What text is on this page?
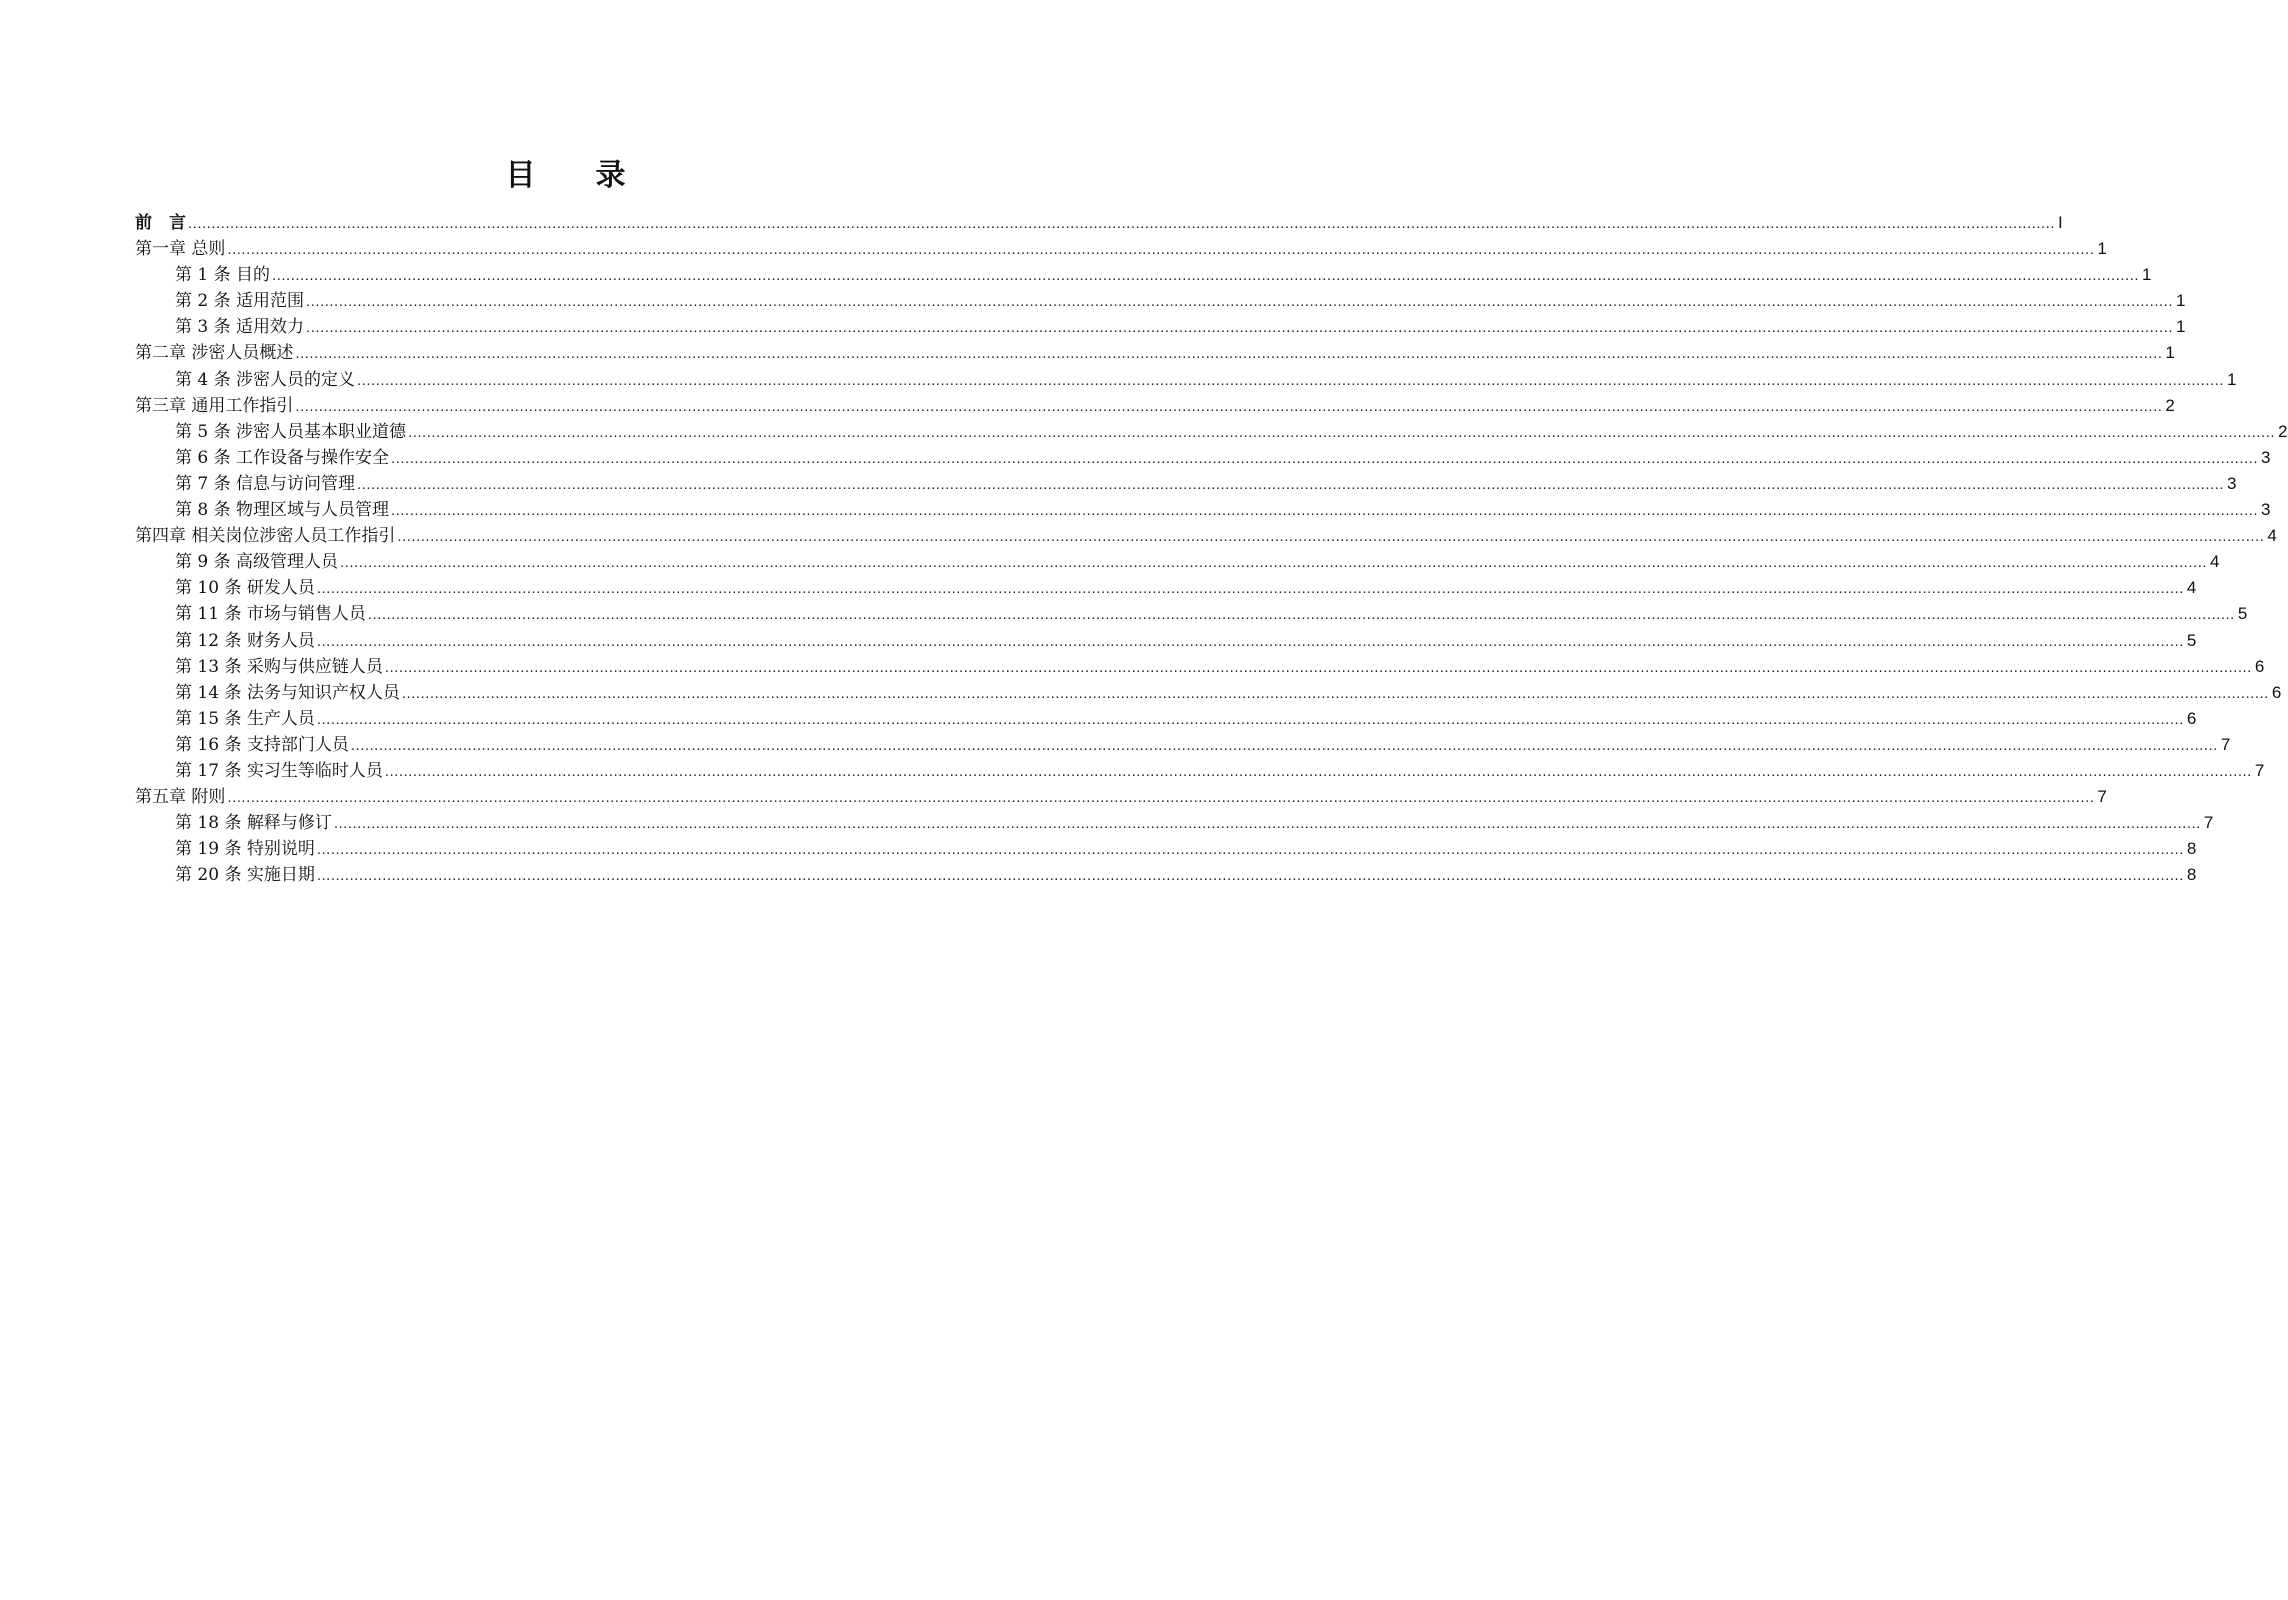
目　　录
前　言 ................................................................................................................................................................................................................................................................................................................................................................................................................ I
第一章 总则 ................................................................................................................................................................................................................................................................................................................................................................................................................ 1
第 1 条 目的 ................................................................................................................................................................................................................................................................................................................................................................................................................ 1
第 2 条 适用范围 ................................................................................................................................................................................................................................................................................................................................................................................................................ 1
第 3 条 适用效力 ................................................................................................................................................................................................................................................................................................................................................................................................................ 1
第二章 涉密人员概述 ................................................................................................................................................................................................................................................................................................................................................................................................................ 1
第 4 条 涉密人员的定义 ................................................................................................................................................................................................................................................................................................................................................................................................................ 1
第三章 通用工作指引 ................................................................................................................................................................................................................................................................................................................................................................................................................ 2
第 5 条 涉密人员基本职业道德 ................................................................................................................................................................................................................................................................................................................................................................................................................ 2
第 6 条 工作设备与操作安全 ................................................................................................................................................................................................................................................................................................................................................................................................................ 3
第 7 条 信息与访问管理 ................................................................................................................................................................................................................................................................................................................................................................................................................ 3
第 8 条 物理区域与人员管理 ................................................................................................................................................................................................................................................................................................................................................................................................................ 3
第四章 相关岗位涉密人员工作指引 ................................................................................................................................................................................................................................................................................................................................................................................................................ 4
第 9 条 高级管理人员 ................................................................................................................................................................................................................................................................................................................................................................................................................ 4
第 10 条 研发人员 ................................................................................................................................................................................................................................................................................................................................................................................................................ 4
第 11 条 市场与销售人员 ................................................................................................................................................................................................................................................................................................................................................................................................................ 5
第 12 条 财务人员 ................................................................................................................................................................................................................................................................................................................................................................................................................ 5
第 13 条 采购与供应链人员 ................................................................................................................................................................................................................................................................................................................................................................................................................ 6
第 14 条 法务与知识产权人员 ................................................................................................................................................................................................................................................................................................................................................................................................................ 6
第 15 条 生产人员 ................................................................................................................................................................................................................................................................................................................................................................................................................ 6
第 16 条 支持部门人员 ................................................................................................................................................................................................................................................................................................................................................................................................................ 7
第 17 条 实习生等临时人员 ................................................................................................................................................................................................................................................................................................................................................................................................................ 7
第五章 附则 ................................................................................................................................................................................................................................................................................................................................................................................................................ 7
第 18 条 解释与修订 ................................................................................................................................................................................................................................................................................................................................................................................................................ 7
第 19 条 特别说明 ................................................................................................................................................................................................................................................................................................................................................................................................................ 8
第 20 条 实施日期 ................................................................................................................................................................................................................................................................................................................................................................................................................ 8
